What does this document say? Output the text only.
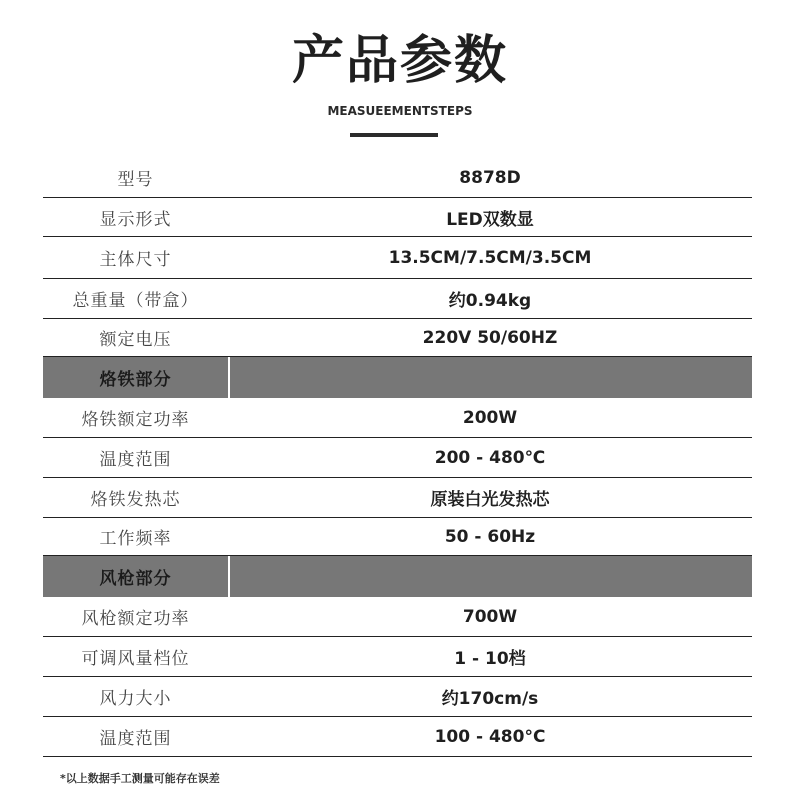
产品参数
MEASUEEMENTSTEPS
型号	8878D
显示形式	LED双数显
主体尺寸	13.5CM/7.5CM/3.5CM
总重量（带盒）	约0.94kg
额定电压	220V 50/60HZ
烙铁部分
烙铁额定功率	200W
温度范围	200 - 480℃
烙铁发热芯	原装白光发热芯
工作频率	50 - 60Hz
风枪部分
风枪额定功率	700W
可调风量档位	1 - 10档
风力大小	约170cm/s
温度范围	100 - 480°C
*以上数据手工测量可能存在误差
